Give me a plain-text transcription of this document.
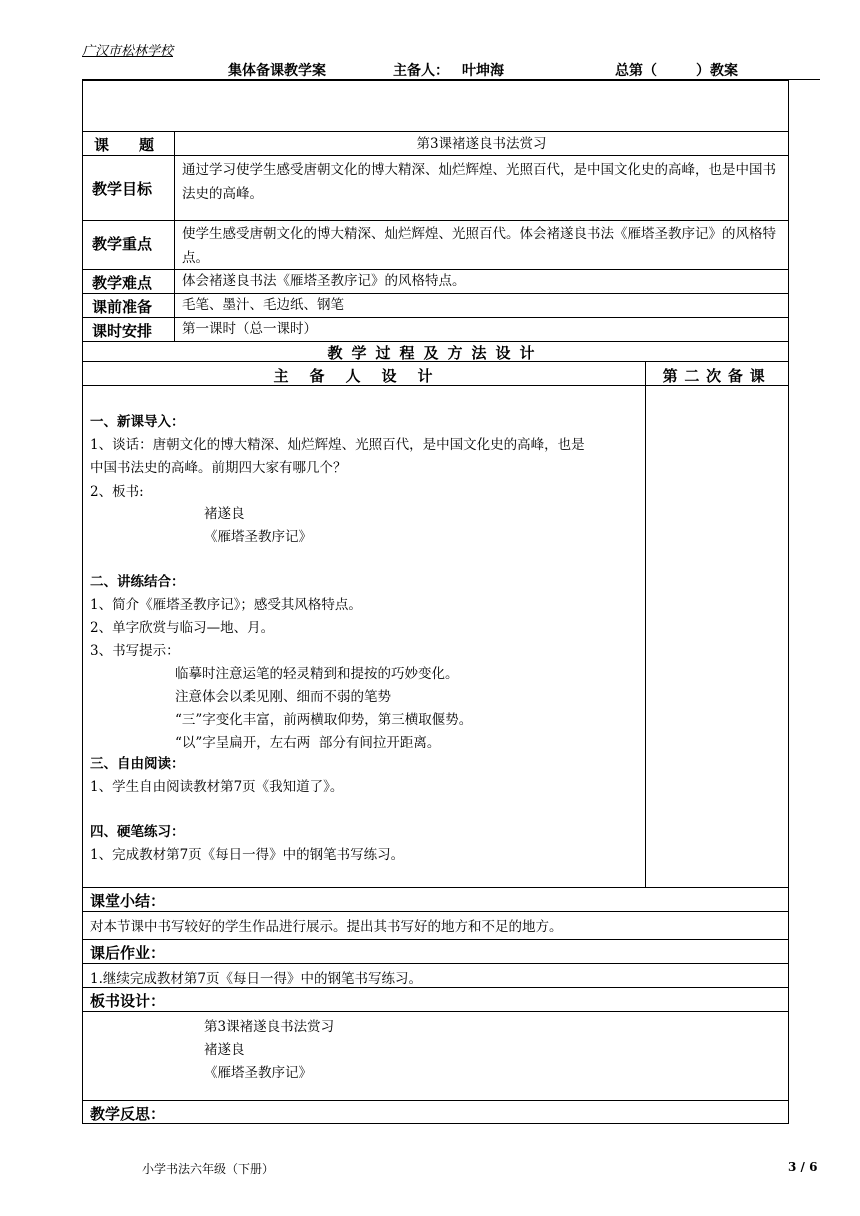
广汉市松林学校
集体备课教学案	主备人： 叶坤海	总第（        ）教案
课　　题	第3课褚遂良书法赏习
教学目标
通过学习使学生感受唐朝文化的博大精深、灿烂辉煌、光照百代，是中国文化史的高峰，也是中国书法史的高峰。
教学重点
使学生感受唐朝文化的博大精深、灿烂辉煌、光照百代。体会褚遂良书法《雁塔圣教序记》的风格特点。
教学难点 体会褚遂良书法《雁塔圣教序记》的风格特点。
课前准备 毛笔、墨汁、毛边纸、钢笔
课时安排 第一课时（总一课时）
教学过程及方法设计
主备人设计	第二次备课
一、新课导入：
1、谈话：唐朝文化的博大精深、灿烂辉煌、光照百代，是中国文化史的高峰，也是
中国书法史的高峰。前期四大家有哪几个？
2、板书:
褚遂良
《雁塔圣教序记》
二、讲练结合：
1、简介《雁塔圣教序记》；感受其风格特点。
2、单字欣赏与临习—地、月。
3、书写提示：
临摹时注意运笔的轻灵精到和提按的巧妙变化。
注意体会以柔见刚、细而不弱的笔势
“三”字变化丰富，前两横取仰势，第三横取偃势。
“以”字呈扁开，左右两  部分有间拉开距离。
三、自由阅读：
1、学生自由阅读教材第7页《我知道了》。
四、硬笔练习：
1、完成教材第7页《每日一得》中的钢笔书写练习。
课堂小结：
对本节课中书写较好的学生作品进行展示。提出其书写好的地方和不足的地方。
课后作业：
1.继续完成教材第7页《每日一得》中的钢笔书写练习。
板书设计：
第3课褚遂良书法赏习
褚遂良
《雁塔圣教序记》
教学反思：
小学书法六年级（下册）	3 / 6
